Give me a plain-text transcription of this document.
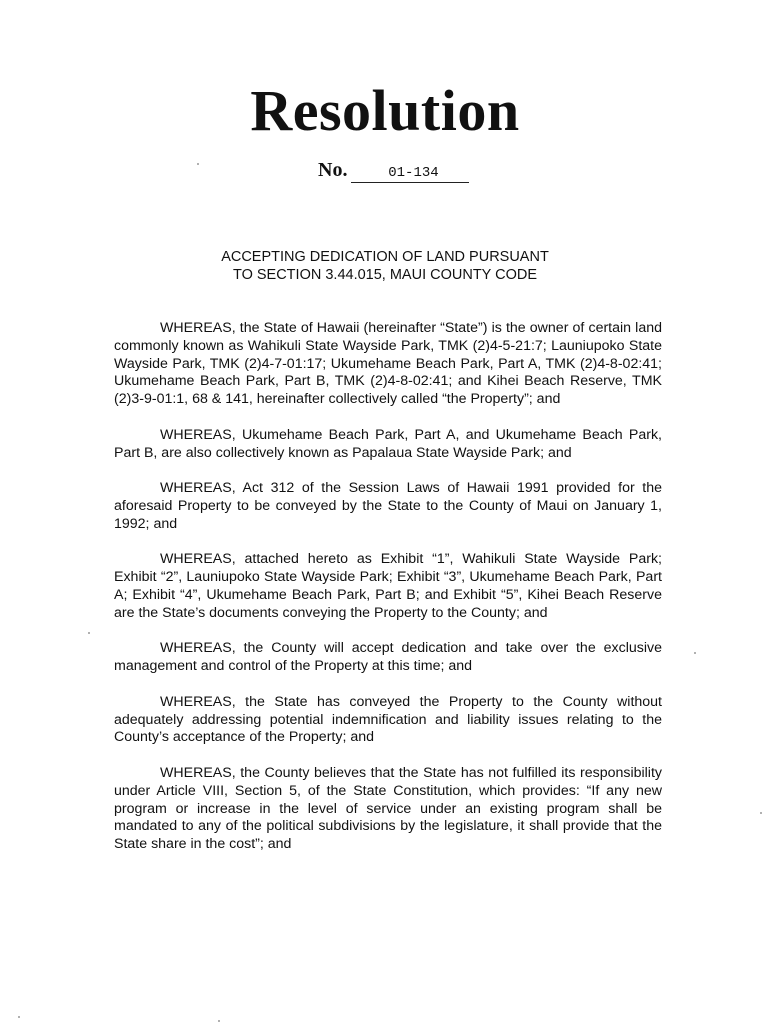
Resolution
No.	01-134
ACCEPTING DEDICATION OF LAND PURSUANT
TO SECTION 3.44.015, MAUI COUNTY CODE

WHEREAS, the State of Hawaii (hereinafter “State”) is the owner of certain land commonly known as Wahikuli State Wayside Park, TMK (2)4-5-21:7; Launiupoko State Wayside Park, TMK (2)4-7-01:17; Ukumehame Beach Park, Part A, TMK (2)4-8-02:41; Ukumehame Beach Park, Part B, TMK (2)4-8-02:41; and Kihei Beach Reserve, TMK (2)3-9-01:1, 68 & 141, hereinafter collectively called “the Property”; and

WHEREAS, Ukumehame Beach Park, Part A, and Ukumehame Beach Park, Part B, are also collectively known as Papalaua State Wayside Park; and

WHEREAS, Act 312 of the Session Laws of Hawaii 1991 provided for the aforesaid Property to be conveyed by the State to the County of Maui on January 1, 1992; and

WHEREAS, attached hereto as Exhibit “1”, Wahikuli State Wayside Park; Exhibit “2”, Launiupoko State Wayside Park; Exhibit “3”, Ukumehame Beach Park, Part A; Exhibit “4”, Ukumehame Beach Park, Part B; and Exhibit “5”, Kihei Beach Reserve are the State’s documents conveying the Property to the County; and

WHEREAS, the County will accept dedication and take over the exclusive management and control of the Property at this time; and

WHEREAS, the State has conveyed the Property to the County without adequately addressing potential indemnification and liability issues relating to the County’s acceptance of the Property; and

WHEREAS, the County believes that the State has not fulfilled its responsibility under Article VIII, Section 5, of the State Constitution, which provides: “If any new program or increase in the level of service under an existing program shall be mandated to any of the political subdivisions by the legislature, it shall provide that the State share in the cost”; and
